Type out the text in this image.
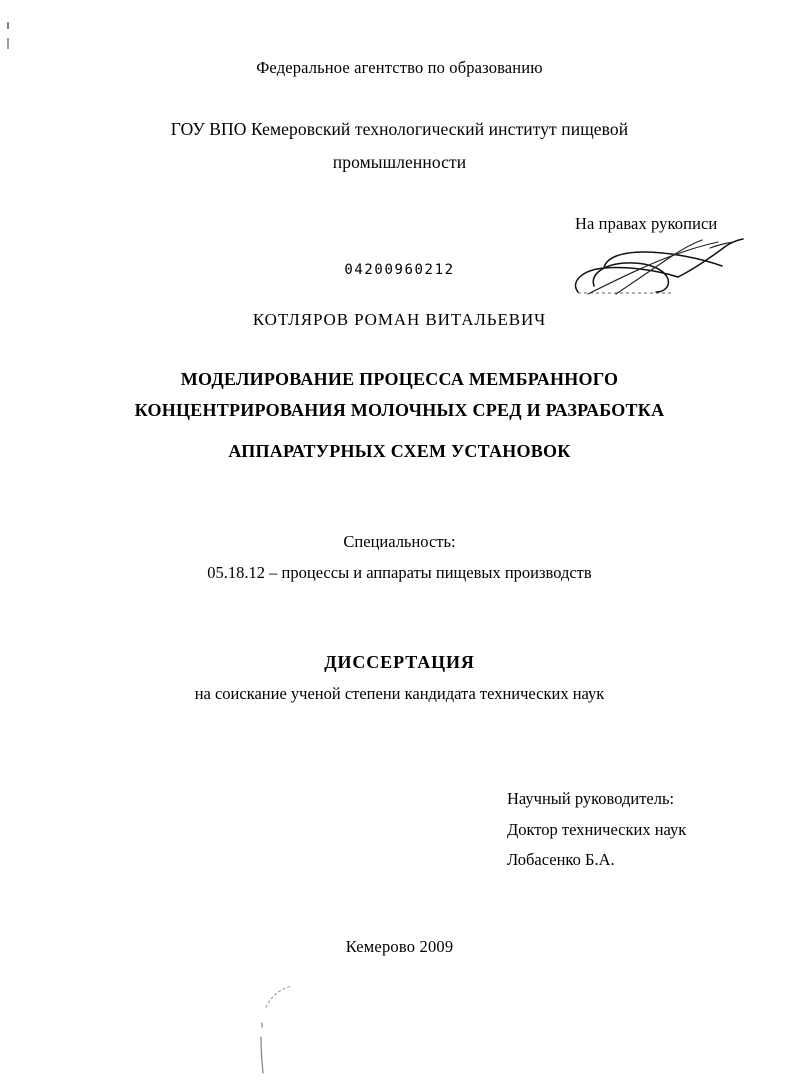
Федеральное агентство по образованию
ГОУ ВПО Кемеровский технологический институт пищевой
промышленности
На правах рукописи
04200960212
КОТЛЯРОВ РОМАН ВИТАЛЬЕВИЧ
МОДЕЛИРОВАНИЕ ПРОЦЕССА МЕМБРАННОГО
КОНЦЕНТРИРОВАНИЯ МОЛОЧНЫХ СРЕД И РАЗРАБОТКА
АППАРАТУРНЫХ СХЕМ УСТАНОВОК
Специальность:
05.18.12 – процессы и аппараты пищевых производств
ДИССЕРТАЦИЯ
на соискание ученой степени кандидата технических наук
Научный руководитель:
Доктор технических наук
Лобасенко Б.А.
Кемерово 2009
